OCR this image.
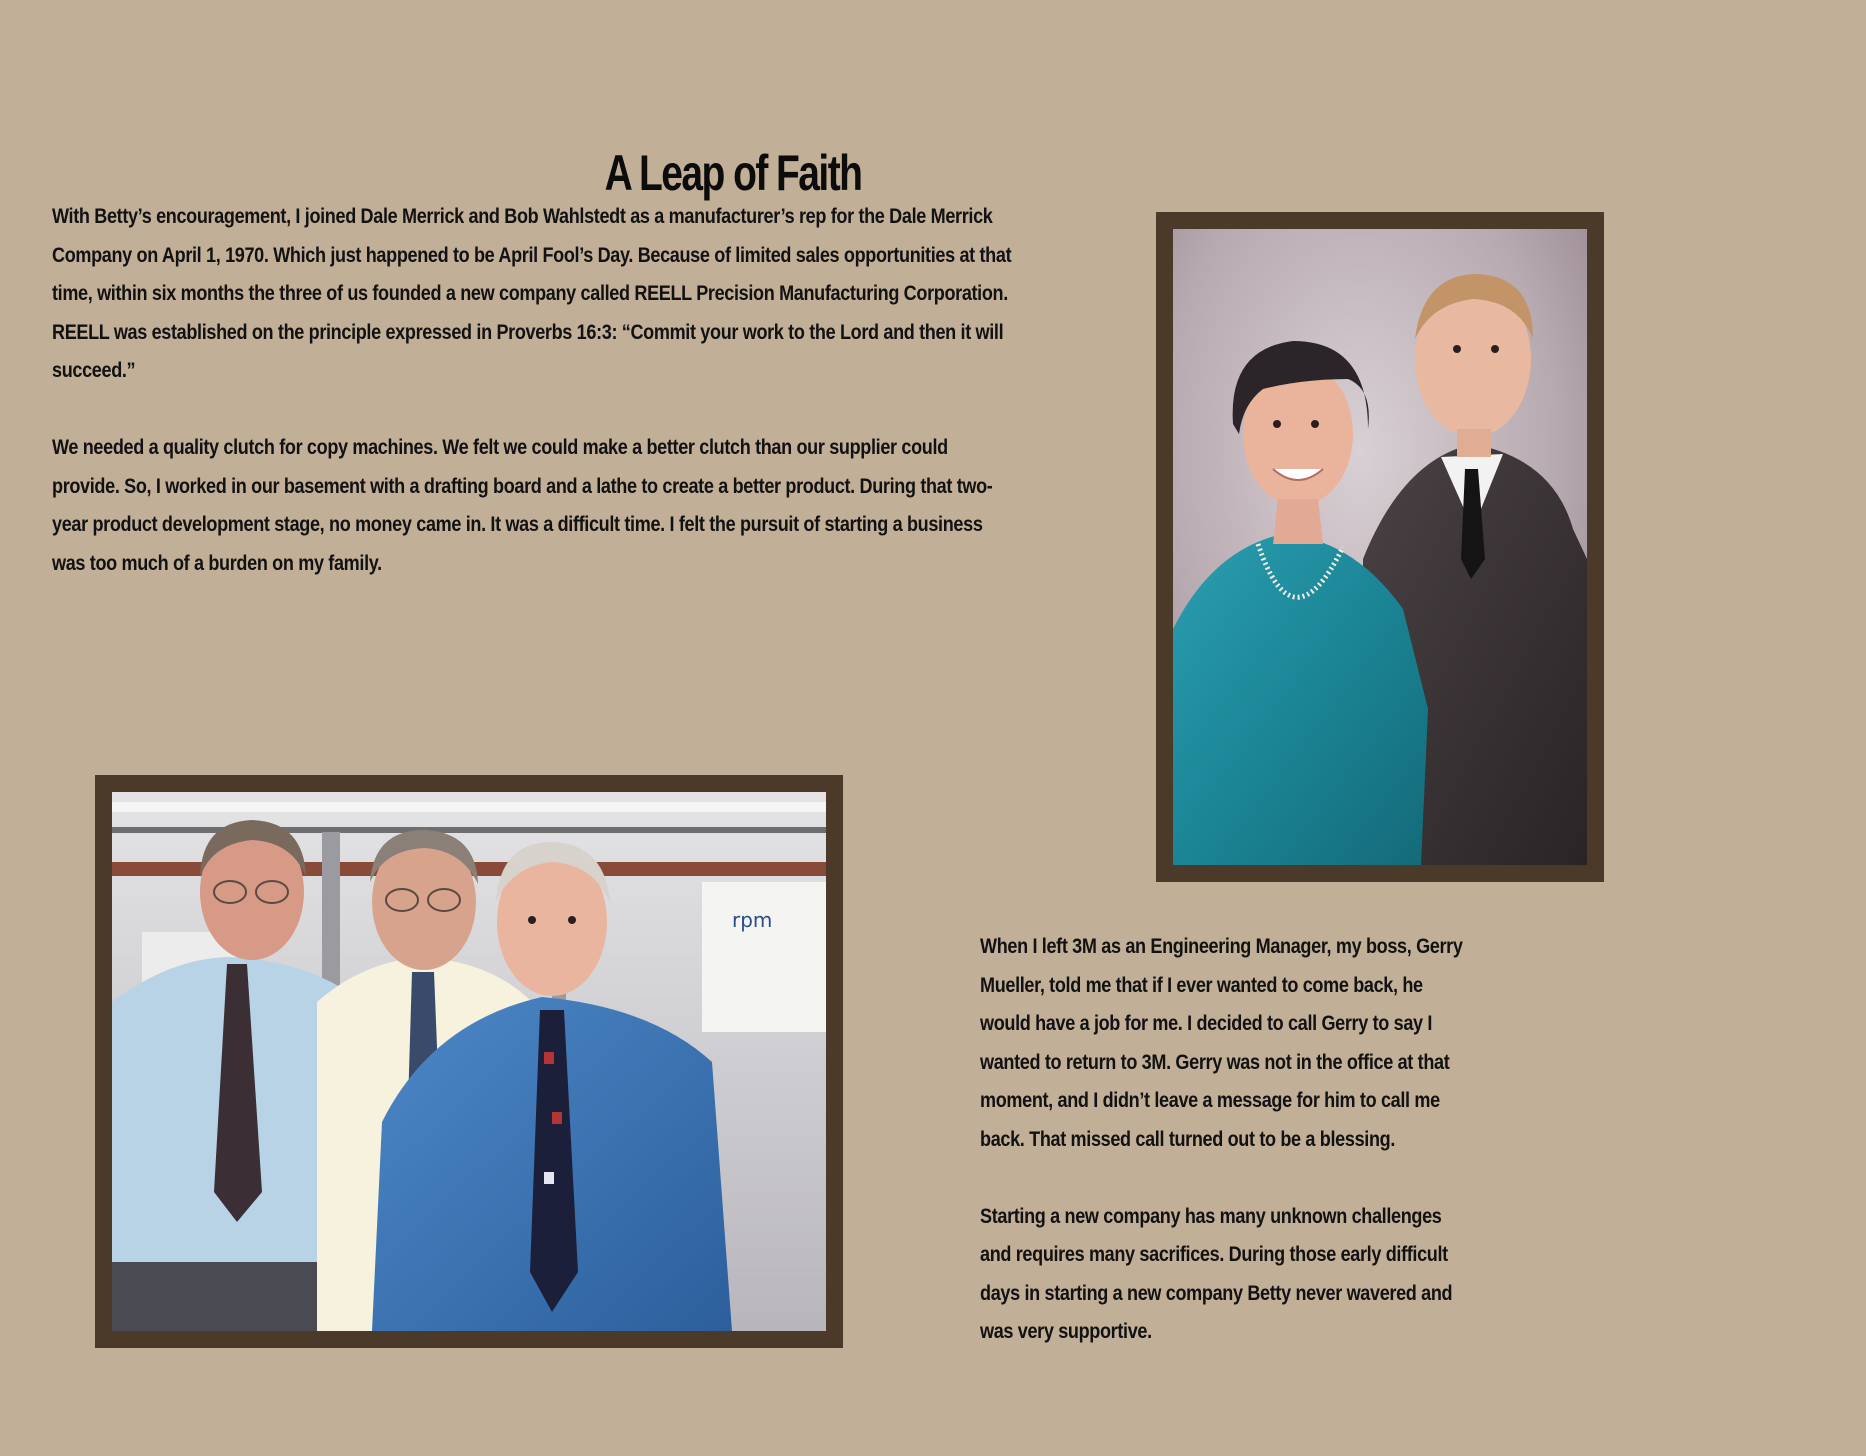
A Leap of Faith

With Betty’s encouragement, I joined Dale Merrick and Bob Wahlstedt as a manufacturer’s rep for the Dale Merrick Company on April 1, 1970. Which just happened to be April Fool’s Day. Because of limited sales opportunities at that time, within six months the three of us founded a new company called REELL Precision Manufacturing Corporation. REELL was established on the principle expressed in Proverbs 16:3: “Commit your work to the Lord and then it will succeed.”

We needed a quality clutch for copy machines. We felt we could make a better clutch than our supplier could provide. So, I worked in our basement with a drafting board and a lathe to create a better product. During that two-year product development stage, no money came in. It was a difficult time. I felt the pursuit of starting a business was too much of a burden on my family.

rpm

When I left 3M as an Engineering Manager, my boss, Gerry Mueller, told me that if I ever wanted to come back, he would have a job for me. I decided to call Gerry to say I wanted to return to 3M. Gerry was not in the office at that moment, and I didn’t leave a message for him to call me back. That missed call turned out to be a blessing.

Starting a new company has many unknown challenges and requires many sacrifices. During those early difficult days in starting a new company Betty never wavered and was very supportive.
